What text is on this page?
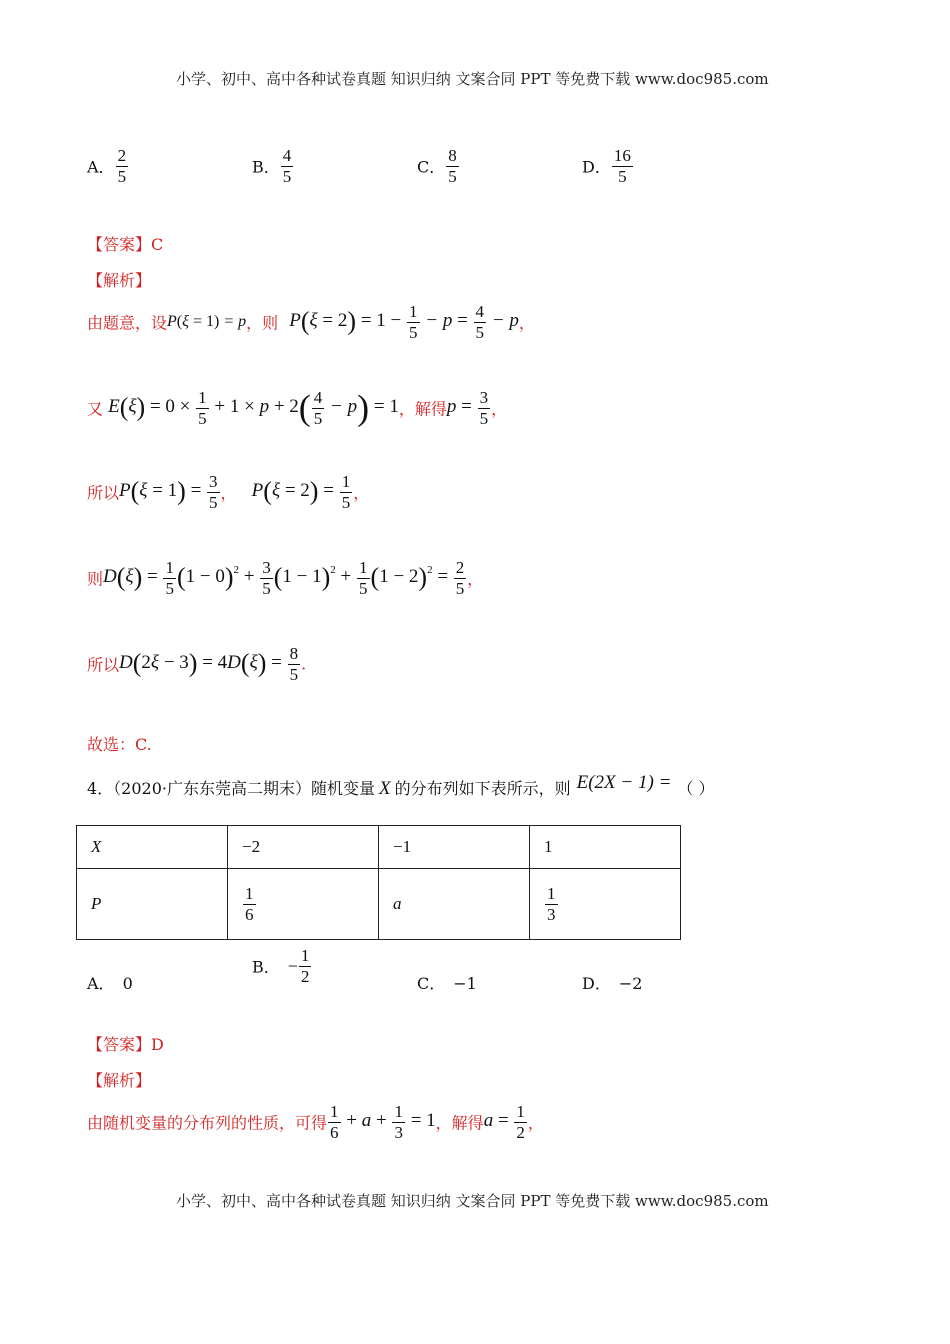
小学、初中、高中各种试卷真题 知识归纳 文案合同 PPT 等免费下载 www.doc985.com
A． $\frac{2}{5}$	B． $\frac{4}{5}$	C． $\frac{8}{5}$	D． $\frac{16}{5}$
【答案】C
【解析】
由题意，设P(ξ = 1) = p，则 $P(\xi = 2) = 1 - \frac{1}{5} - p = \frac{4}{5} - p$，
又 $E(\xi) = 0 \times \frac{1}{5} + 1 \times p + 2( \frac{4}{5} - p) = 1$，解得$p = \frac{3}{5}$ ，
所以$P(\xi = 1) = \frac{3}{5}$ ， $P(\xi = 2) = \frac{1}{5}$ ，
则$D(\xi) = \frac{1}{5} (1 - 0)^2 + \frac{3}{5} (1 - 1)^2 + \frac{1}{5} (1 - 2)^2 = \frac{2}{5}$ ，
所以$D(2\xi - 3) = 4D(\xi) = \frac{8}{5}$ .
故选：C.
4．（2020·广东东莞高二期末）随机变量 X 的分布列如下表所示，则 E(2X − 1) = （ ）
X	−2	−1	1
P	$\frac{1}{6}$	a	$\frac{1}{3}$
A． 0
B． − $\frac{1}{2}$	C． −1	D． −2
【答案】D
【解析】
由随机变量的分布列的性质，可得 $\frac{1}{6} + a + \frac{1}{3} = 1$，解得$a = \frac{1}{2}$ ，
小学、初中、高中各种试卷真题 知识归纳 文案合同 PPT 等免费下载 www.doc985.com
